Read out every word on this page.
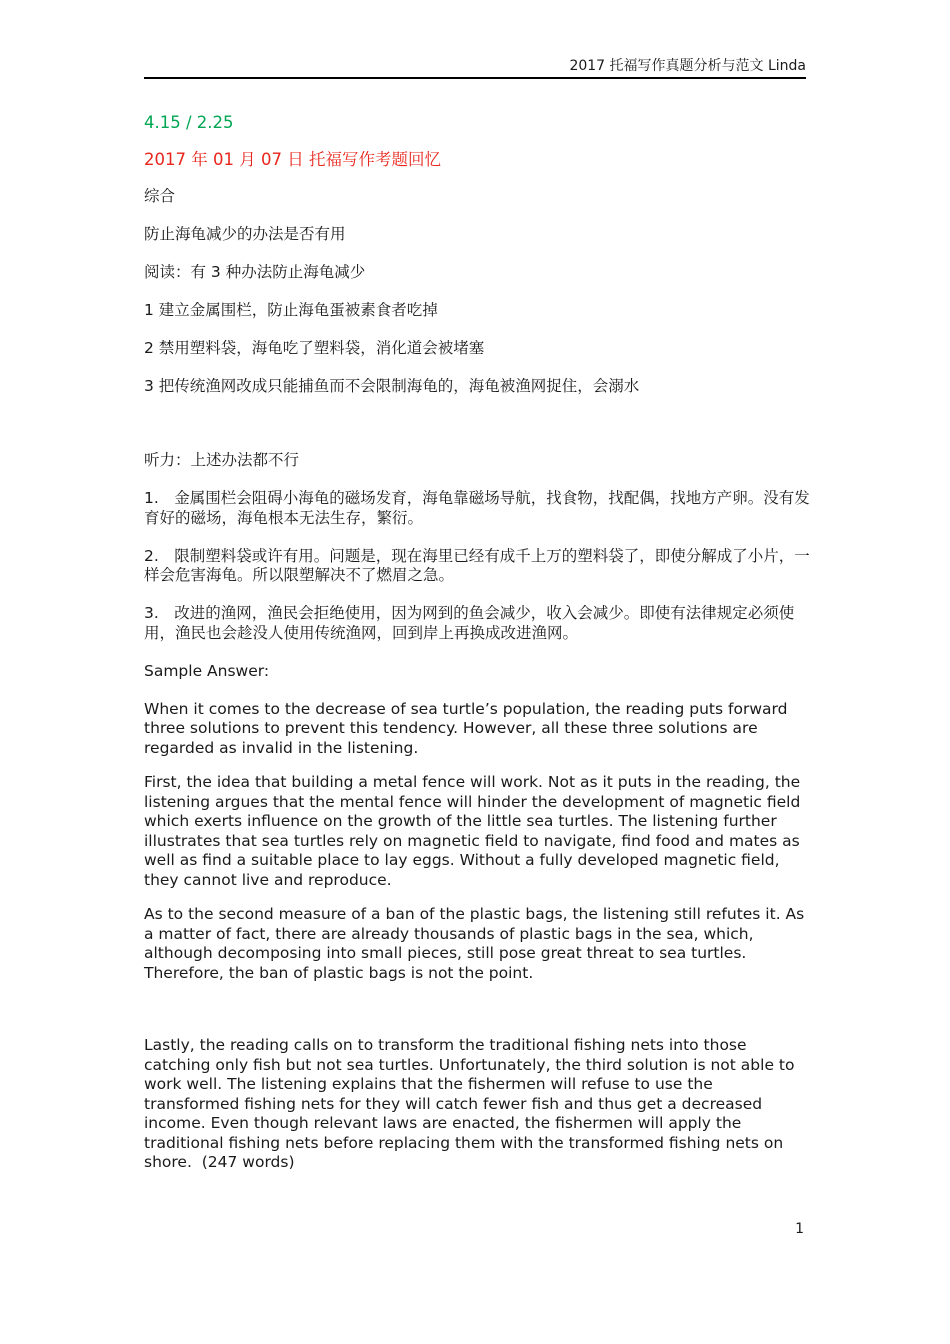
2017 托福写作真题分析与范文 Linda

4.15 / 2.25

2017 年 01 月 07 日 托福写作考题回忆

综合

防止海龟减少的办法是否有用

阅读：有 3 种办法防止海龟减少

1 建立金属围栏，防止海龟蛋被素食者吃掉

2 禁用塑料袋，海龟吃了塑料袋，消化道会被堵塞

3 把传统渔网改成只能捕鱼而不会限制海龟的，海龟被渔网捉住，会溺水

听力：上述办法都不行

1.　金属围栏会阻碍小海龟的磁场发育，海龟靠磁场导航，找食物，找配偶，找地方产卵。没有发育好的磁场，海龟根本无法生存，繁衍。

2.　限制塑料袋或许有用。问题是，现在海里已经有成千上万的塑料袋了，即使分解成了小片，一样会危害海龟。所以限塑解决不了燃眉之急。

3.　改进的渔网，渔民会拒绝使用，因为网到的鱼会减少，收入会减少。即使有法律规定必须使用，渔民也会趁没人使用传统渔网，回到岸上再换成改进渔网。

Sample Answer:

When it comes to the decrease of sea turtle’s population, the reading puts forward three solutions to prevent this tendency. However, all these three solutions are regarded as invalid in the listening.

First, the idea that building a metal fence will work. Not as it puts in the reading, the listening argues that the mental fence will hinder the development of magnetic field which exerts influence on the growth of the little sea turtles. The listening further illustrates that sea turtles rely on magnetic field to navigate, find food and mates as well as find a suitable place to lay eggs. Without a fully developed magnetic field, they cannot live and reproduce.

As to the second measure of a ban of the plastic bags, the listening still refutes it. As a matter of fact, there are already thousands of plastic bags in the sea, which, although decomposing into small pieces, still pose great threat to sea turtles. Therefore, the ban of plastic bags is not the point.

Lastly, the reading calls on to transform the traditional fishing nets into those catching only fish but not sea turtles. Unfortunately, the third solution is not able to work well. The listening explains that the fishermen will refuse to use the transformed fishing nets for they will catch fewer fish and thus get a decreased income. Even though relevant laws are enacted, the fishermen will apply the traditional fishing nets before replacing them with the transformed fishing nets on shore.  (247 words)

1
